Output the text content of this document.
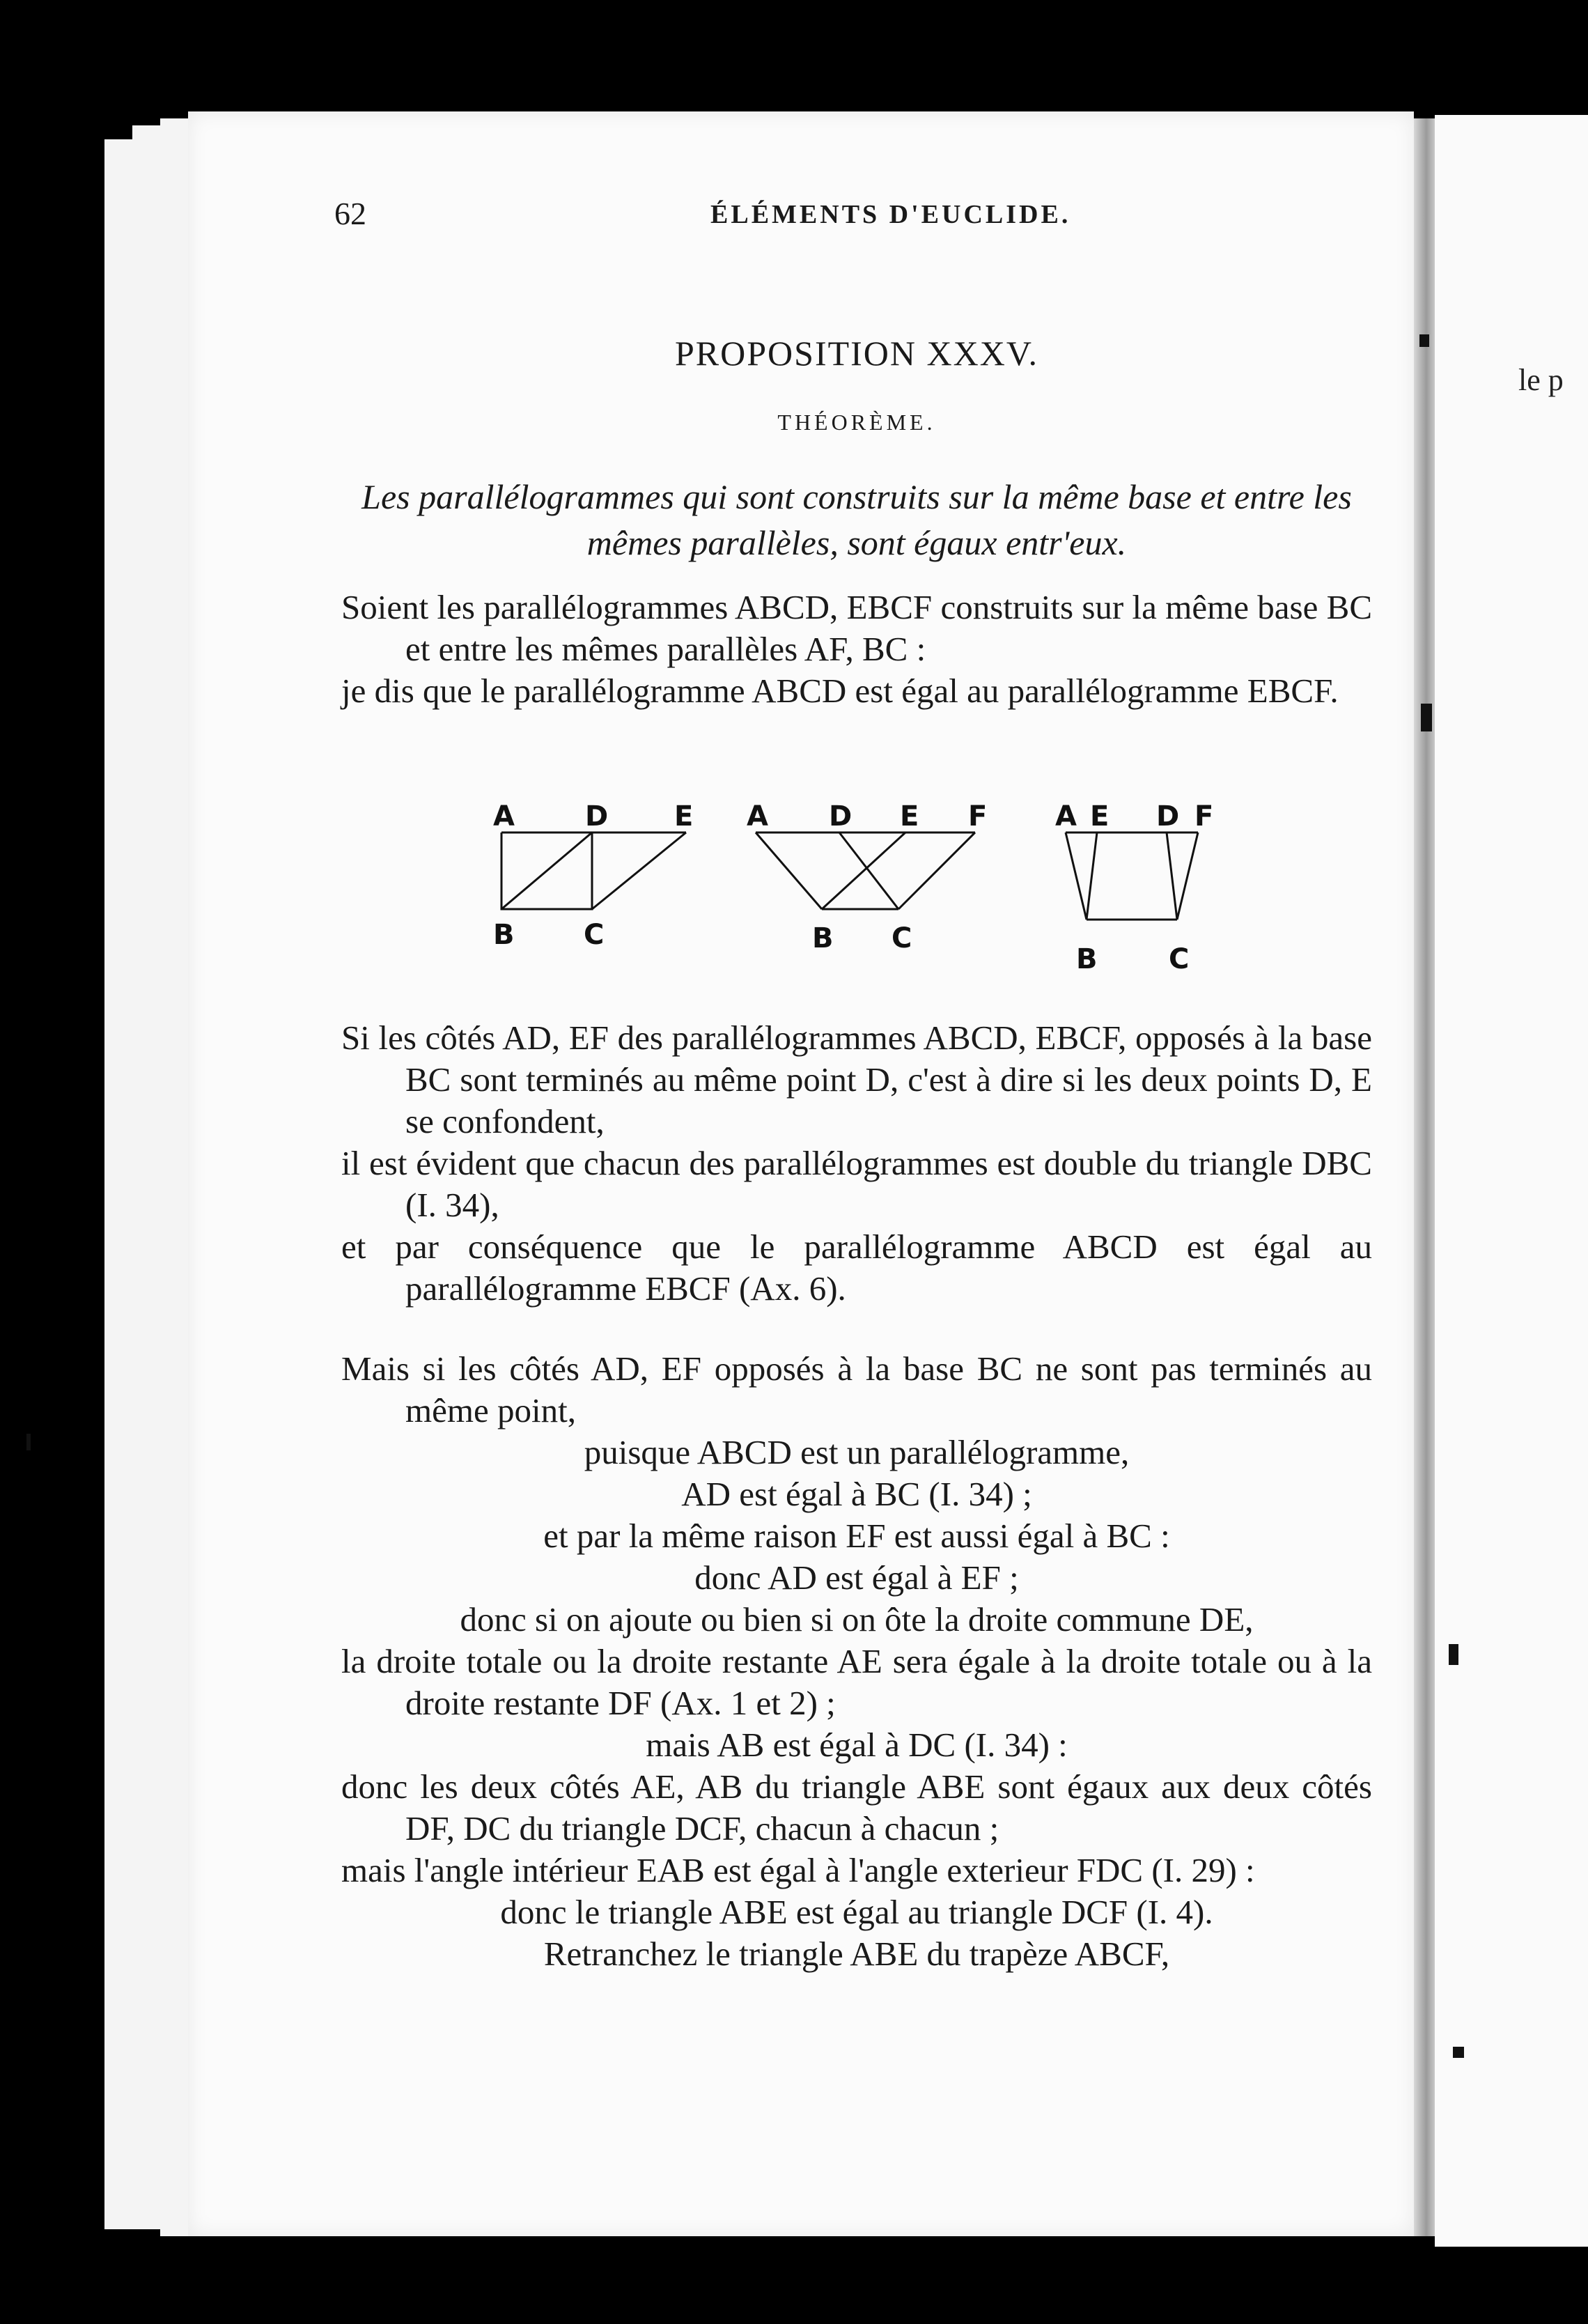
le p
62	ÉLÉMENTS D'EUCLIDE.
PROPOSITION XXXV.
THÉORÈME.
Les parallélogrammes qui sont construits sur la même base et entre les mêmes parallèles, sont égaux entr'eux.

Soient les parallélogrammes ABCD, EBCF construits sur la même base BC et entre les mêmes parallèles AF, BC :

je dis que le parallélogramme ABCD est égal au parallélogramme EBCF.

A	D E
B C
A D E F
B C
A E D F
B	C

Si les côtés AD, EF des parallélogrammes ABCD, EBCF, opposés à la base BC sont terminés au même point D, c'est à dire si les deux points D, E se confondent,

il est évident que chacun des parallélogrammes est double du triangle DBC (I. 34),

et par conséquence que le parallélogramme ABCD est égal au parallélogramme EBCF (Ax. 6).

Mais si les côtés AD, EF opposés à la base BC ne sont pas terminés au même point,

puisque ABCD est un parallélogramme,

AD est égal à BC (I. 34) ;

et par la même raison EF est aussi égal à BC :

donc AD est égal à EF ;

donc si on ajoute ou bien si on ôte la droite commune DE,

la droite totale ou la droite restante AE sera égale à la droite totale ou à la droite restante DF (Ax. 1 et 2) ;

mais AB est égal à DC (I. 34) :

donc les deux côtés AE, AB du triangle ABE sont égaux aux deux côtés DF, DC du triangle DCF, chacun à chacun ;

mais l'angle intérieur EAB est égal à l'angle exterieur FDC (I. 29) :

donc le triangle ABE est égal au triangle DCF (I. 4).

Retranchez le triangle ABE du trapèze ABCF,
